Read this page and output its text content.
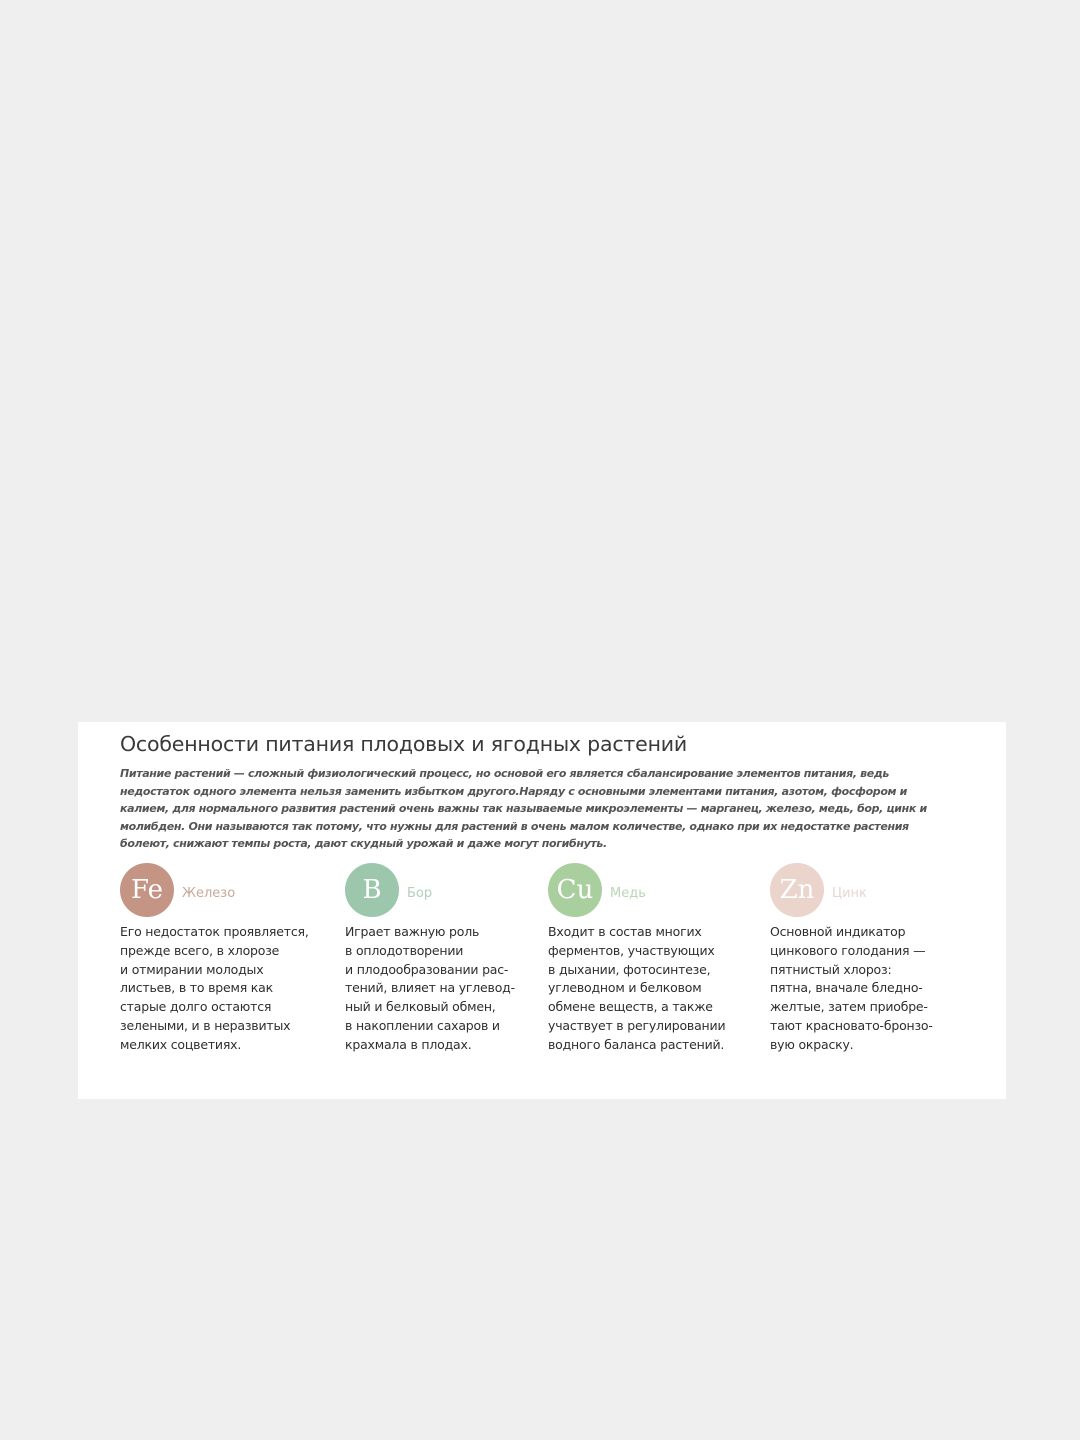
Особенности питания плодовых и ягодных растений

Питание растений — сложный физиологический процесс, но основой его является сбалансирование элементов питания, ведь недостаток одного элемента нельзя заменить избытком другого.Наряду с основными элементами питания, азотом, фосфором и калием, для нормального развития растений очень важны так называемые микроэлементы — марганец, железо, медь, бор, цинк и молибден. Они называются так потому, что нужны для растений в очень малом количестве, однако при их недостатке растения болеют, снижают темпы роста, дают скудный урожай и даже могут погибнуть.

Fe	Железо

Его недостаток проявляется,
прежде всего, в хлорозе
и отмирании молодых
листьев, в то время как
старые долго остаются
зелеными, и в неразвитых
мелких соцветиях.

B	Бор

Играет важную роль
в оплодотворении
и плодообразовании рас-
тений, влияет на углевод-
ный и белковый обмен,
в накоплении сахаров и
крахмала в плодах.

Cu	Медь

Входит в состав многих
ферментов, участвующих
в дыхании, фотосинтезе,
углеводном и белковом
обмене веществ, а также
участвует в регулировании
водного баланса растений.

Zn	Цинк

Основной индикатор
цинкового голодания —
пятнистый хлороз:
пятна, вначале бледно-
желтые, затем приобре-
тают красновато-бронзо-
вую окраску.
